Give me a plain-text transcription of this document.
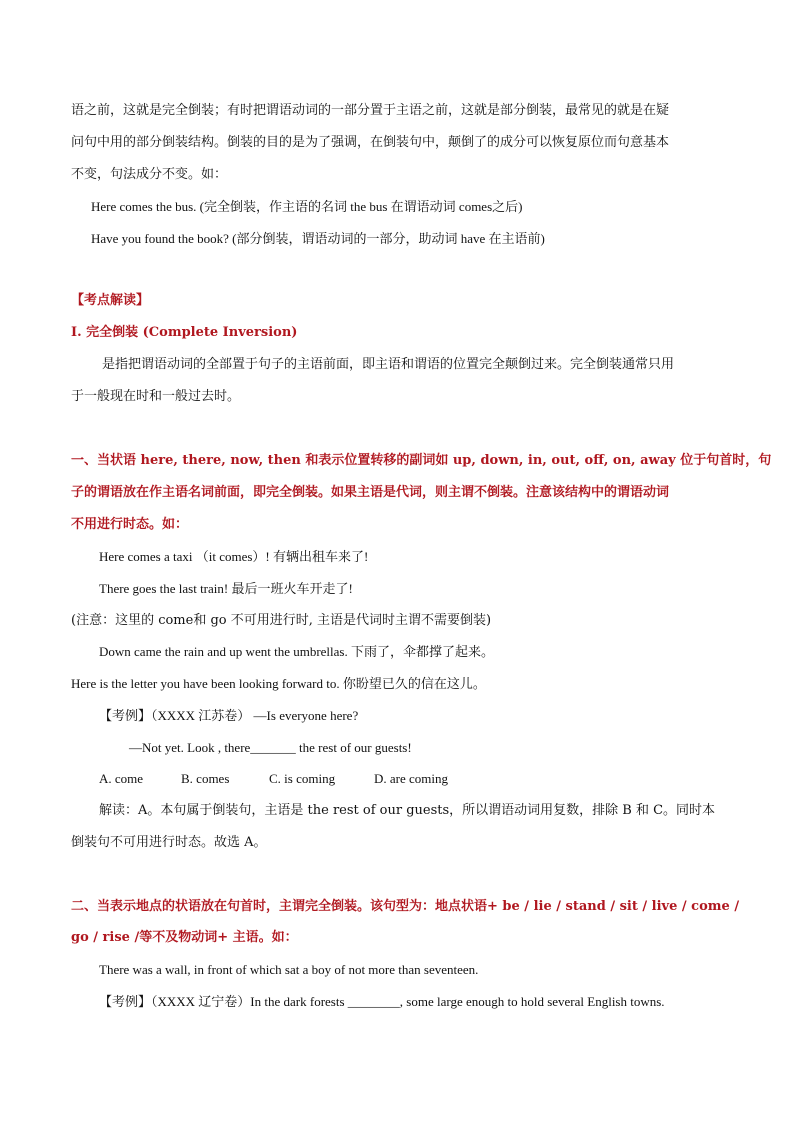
语之前，这就是完全倒装；有时把谓语动词的一部分置于主语之前，这就是部分倒装，最常见的就是在疑
问句中用的部分倒装结构。倒装的目的是为了强调，在倒装句中，颠倒了的成分可以恢复原位而句意基本
不变，句法成分不变。如：
Here comes the bus. (完全倒装，作主语的名词 the bus 在谓语动词 comes之后)
Have you found the book? (部分倒装，谓语动词的一部分，助动词 have 在主语前)
【考点解读】
Ⅰ. 完全倒装 (Complete Inversion)
是指把谓语动词的全部置于句子的主语前面，即主语和谓语的位置完全颠倒过来。完全倒装通常只用
于一般现在时和一般过去时。
一、当状语 here, there, now, then 和表示位置转移的副词如 up, down, in, out, off, on, away 位于句首时，句
子的谓语放在作主语名词前面，即完全倒装。如果主语是代词，则主谓不倒装。注意该结构中的谓语动词
不用进行时态。如：
Here comes a taxi （it comes）! 有辆出租车来了!
There goes the last train! 最后一班火车开走了!
(注意：这里的 come和 go 不可用进行时, 主语是代词时主谓不需要倒装)
Down came the rain and up went the umbrellas. 下雨了，伞都撑了起来。
Here is the letter you have been looking forward to. 你盼望已久的信在这儿。
【考例】（XXXX 江苏卷） —Is everyone here?
—Not yet. Look , there_______ the rest of our guests!
A. come	B. comes	C. is coming	D. are coming
解读：A。本句属于倒装句，主语是 the rest of our guests，所以谓语动词用复数，排除 B 和 C。同时本
倒装句不可用进行时态。故选 A。
二、当表示地点的状语放在句首时，主谓完全倒装。该句型为：地点状语+ be / lie / stand / sit / live / come /
go / rise /等不及物动词+ 主语。如：
There was a wall, in front of which sat a boy of not more than seventeen.
【考例】（XXXX 辽宁卷）In the dark forests ________, some large enough to hold several English towns.
